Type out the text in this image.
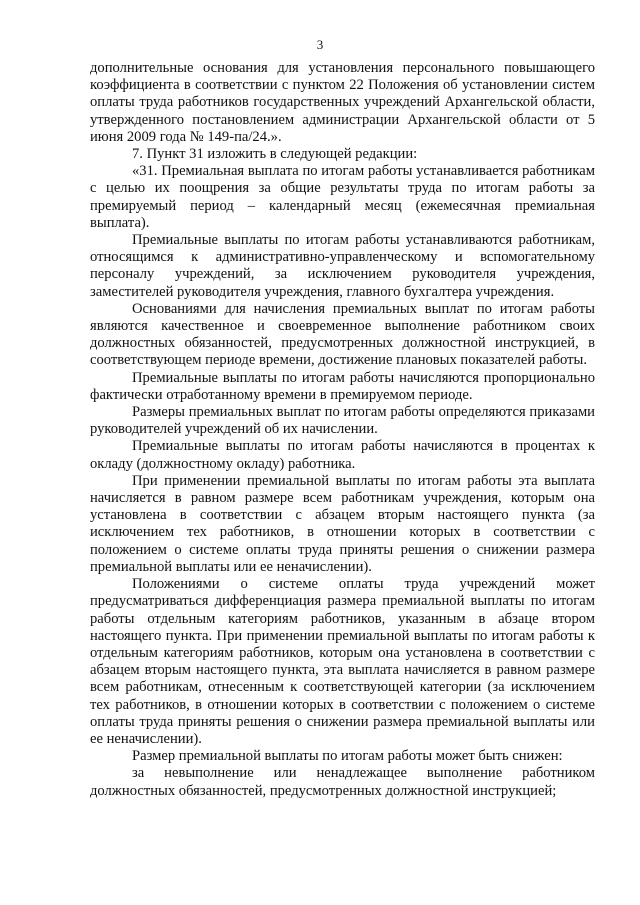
3

дополнительные основания для установления персонального повышающего коэффициента в соответствии с пунктом 22 Положения об установлении систем оплаты труда работников государственных учреждений Архангельской области, утвержденного постановлением администрации Архангельской области от 5 июня 2009 года № 149-па/24.».

7. Пункт 31 изложить в следующей редакции:

«31. Премиальная выплата по итогам работы устанавливается работникам с целью их поощрения за общие результаты труда по итогам работы за премируемый период – календарный месяц (ежемесячная премиальная выплата).

Премиальные выплаты по итогам работы устанавливаются работникам, относящимся к административно-управленческому и вспомогательному персоналу учреждений, за исключением руководителя учреждения, заместителей руководителя учреждения, главного бухгалтера учреждения.

Основаниями для начисления премиальных выплат по итогам работы являются качественное и своевременное выполнение работником своих должностных обязанностей, предусмотренных должностной инструкцией, в соответствующем периоде времени, достижение плановых показателей работы.

Премиальные выплаты по итогам работы начисляются пропорционально фактически отработанному времени в премируемом периоде.

Размеры премиальных выплат по итогам работы определяются приказами руководителей учреждений об их начислении.

Премиальные выплаты по итогам работы начисляются в процентах к окладу (должностному окладу) работника.

При применении премиальной выплаты по итогам работы эта выплата начисляется в равном размере всем работникам учреждения, которым она установлена в соответствии с абзацем вторым настоящего пункта (за исключением тех работников, в отношении которых в соответствии с положением о системе оплаты труда приняты решения о снижении размера премиальной выплаты или ее неначислении).

Положениями о системе оплаты труда учреждений может предусматриваться дифференциация размера премиальной выплаты по итогам работы отдельным категориям работников, указанным в абзаце втором настоящего пункта. При применении премиальной выплаты по итогам работы к отдельным категориям работников, которым она установлена в соответствии с абзацем вторым настоящего пункта, эта выплата начисляется в равном размере всем работникам, отнесенным к соответствующей категории (за исключением тех работников, в отношении которых в соответствии с положением о системе оплаты труда приняты решения о снижении размера премиальной выплаты или ее неначислении).

Размер премиальной выплаты по итогам работы может быть снижен:

за невыполнение или ненадлежащее выполнение работником должностных обязанностей, предусмотренных должностной инструкцией;
